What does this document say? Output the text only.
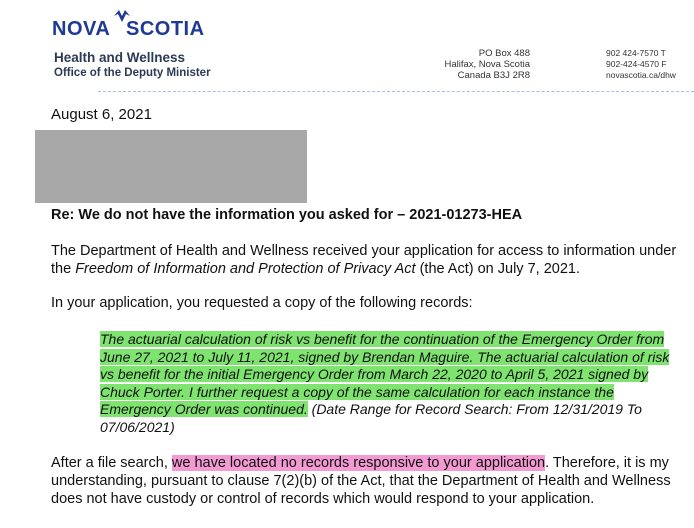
NOVA SCOTIA
Health and Wellness
Office of the Deputy Minister
PO Box 488
Halifax, Nova Scotia
Canada B3J 2R8
902 424-7570 T
902-424-4570 F
novascotia.ca/dhw
August 6, 2021
Re: We do not have the information you asked for – 2021-01273-HEA
The Department of Health and Wellness received your application for access to information under the Freedom of Information and Protection of Privacy Act (the Act) on July 7, 2021.
In your application, you requested a copy of the following records:
The actuarial calculation of risk vs benefit for the continuation of the Emergency Order from June 27, 2021 to July 11, 2021, signed by Brendan Maguire. The actuarial calculation of risk vs benefit for the initial Emergency Order from March 22, 2020 to April 5, 2021 signed by Chuck Porter. I further request a copy of the same calculation for each instance the Emergency Order was continued. (Date Range for Record Search: From 12/31/2019 To 07/06/2021)
After a file search, we have located no records responsive to your application. Therefore, it is my understanding, pursuant to clause 7(2)(b) of the Act, that the Department of Health and Wellness does not have custody or control of records which would respond to your application.
